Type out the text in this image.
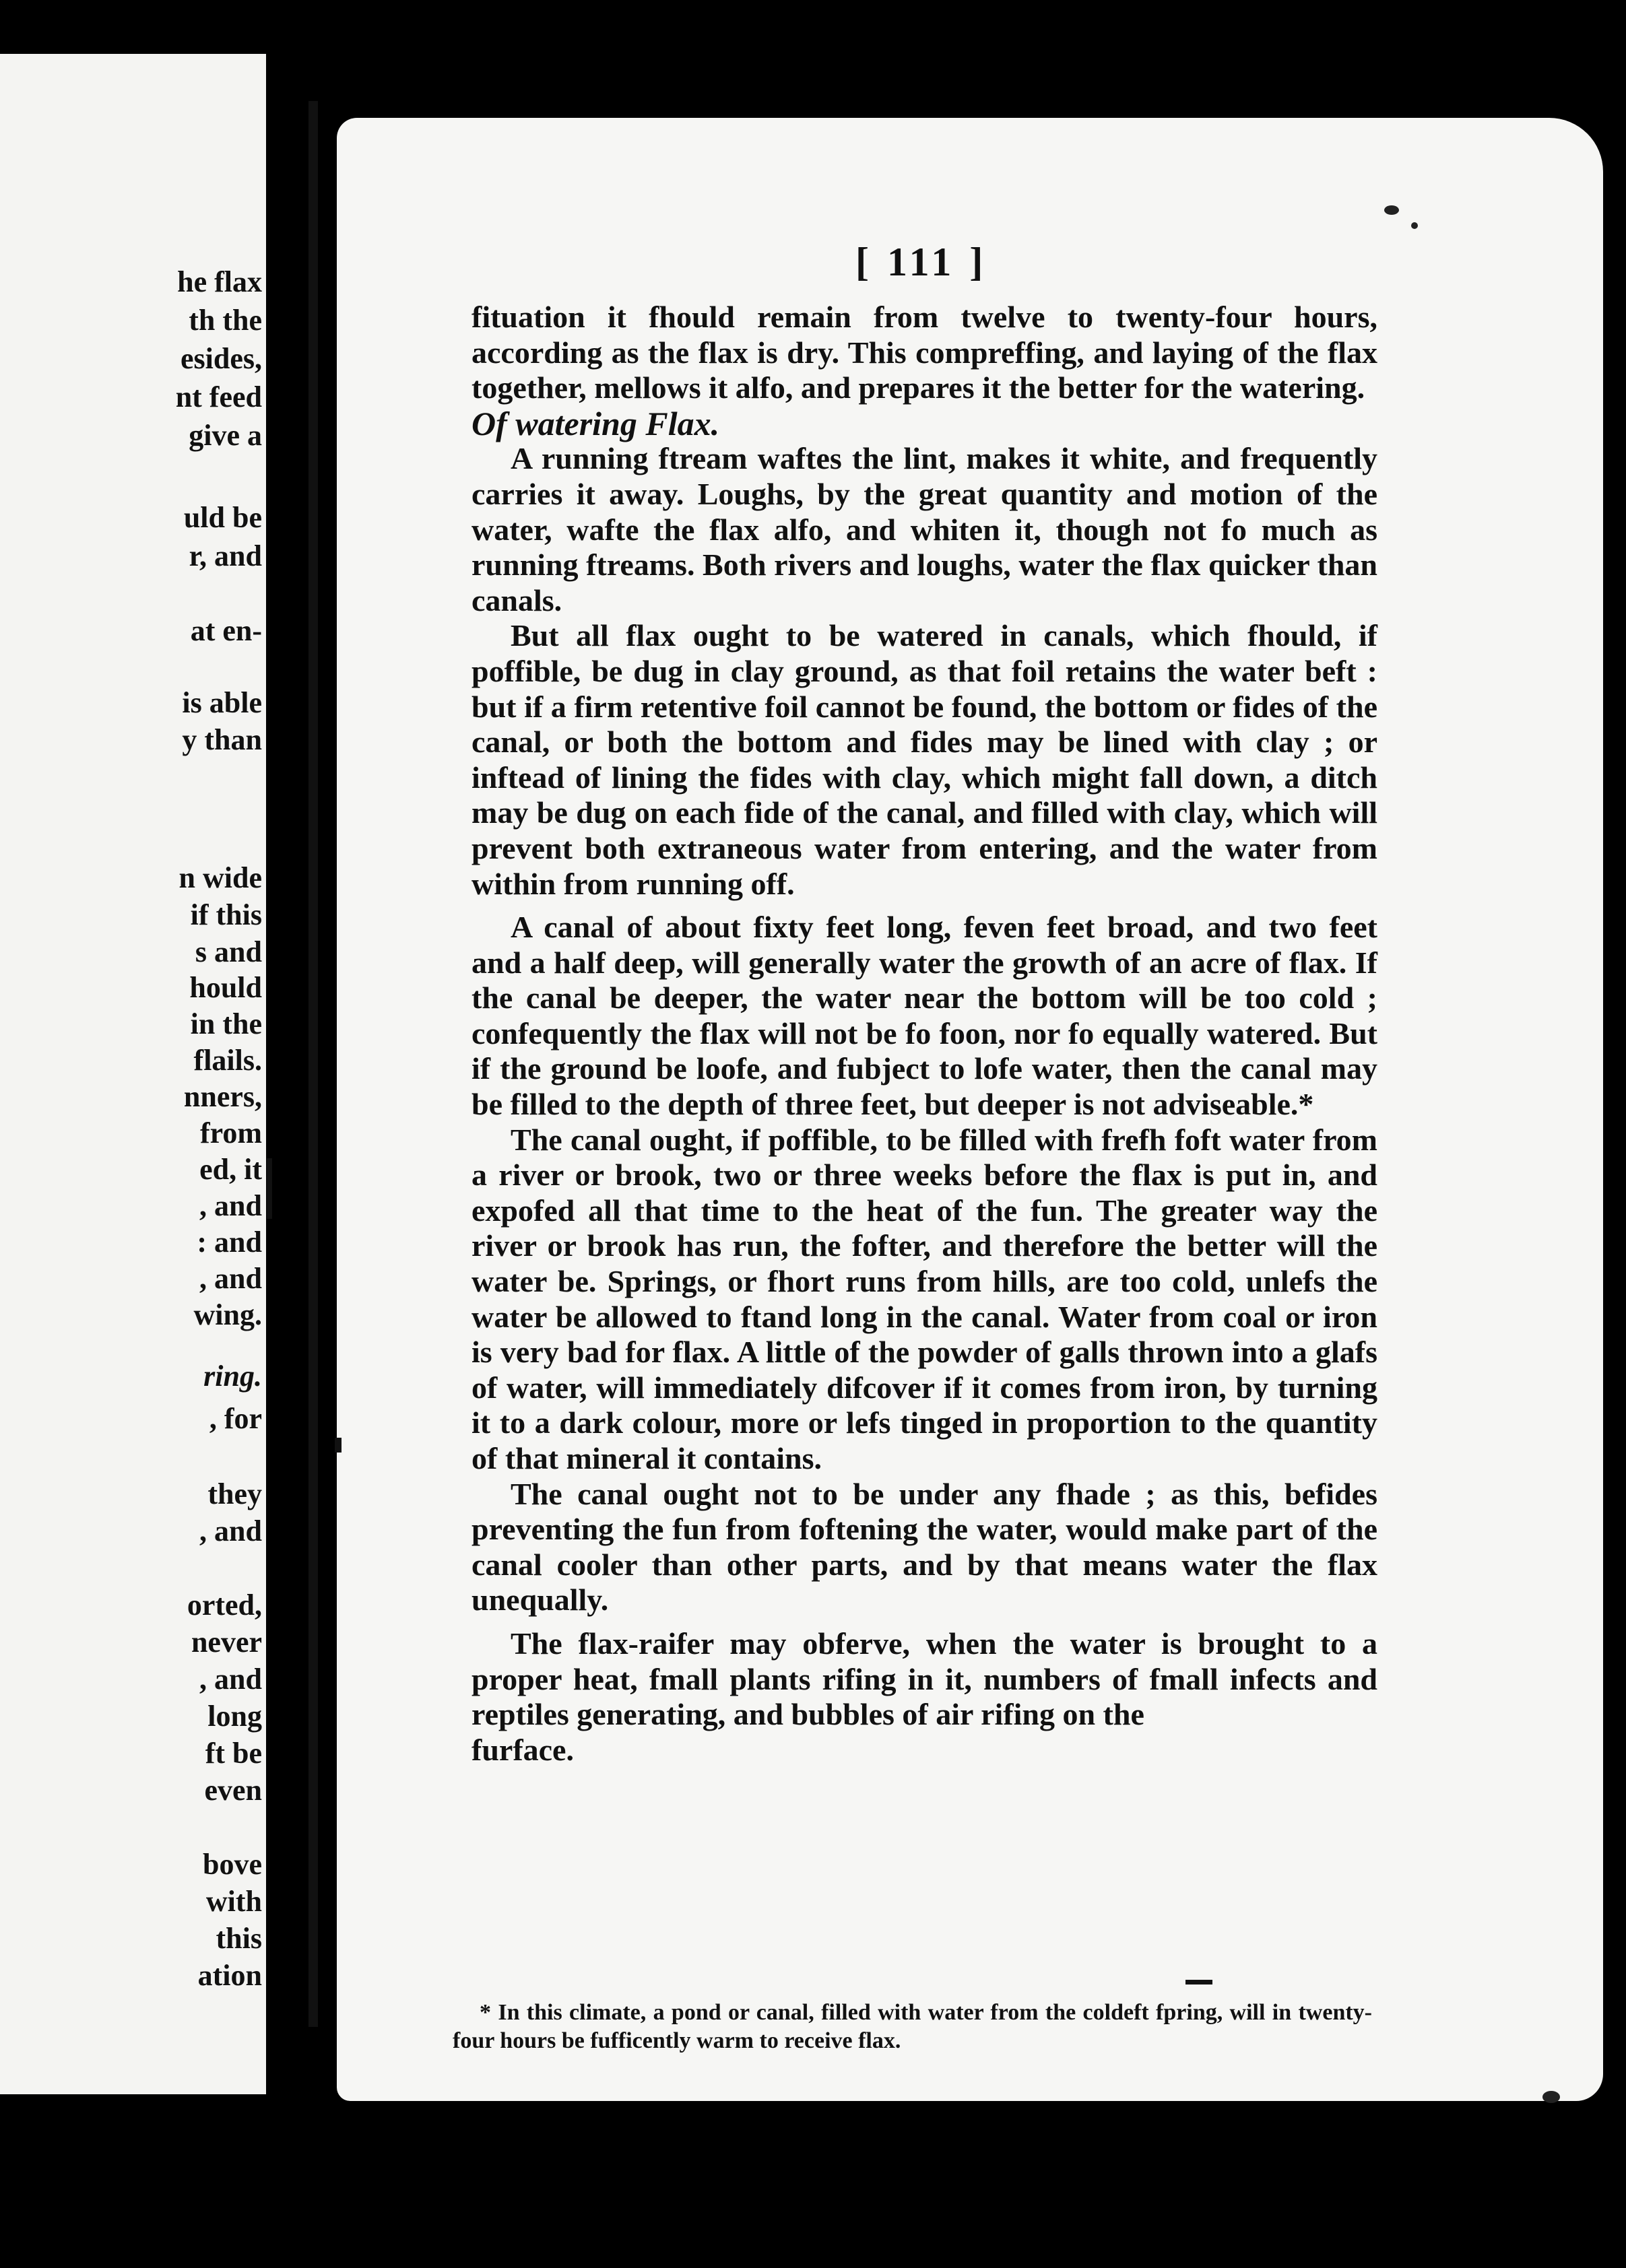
he flax

th the

esides,

nt feed

give a

uld be

r, and

at en-

is able

y than

n wide

if this

s and

hould

in the

flails.

nners,

from

ed, it

, and

: and

, and

wing.

ring.

, for

they

, and

orted,

never

, and

long

ft be

even

bove

with

this

ation

[ 111 ]

fituation it fhould remain from twelve to twenty-four hours, according as the flax is dry. This compreffing, and laying of the flax together, mellows it alfo, and prepares it the better for the watering.

Of watering Flax.

A running ftream waftes the lint, makes it white, and frequently carries it away. Loughs, by the great quantity and motion of the water, wafte the flax alfo, and whiten it, though not fo much as running ftreams. Both rivers and loughs, water the flax quicker than canals.

But all flax ought to be watered in canals, which fhould, if poffible, be dug in clay ground, as that foil retains the water beft : but if a firm retentive foil cannot be found, the bottom or fides of the canal, or both the bottom and fides may be lined with clay ; or inftead of lining the fides with clay, which might fall down, a ditch may be dug on each fide of the canal, and filled with clay, which will prevent both extraneous water from entering, and the water from within from running off.

A canal of about fixty feet long, feven feet broad, and two feet and a half deep, will generally water the growth of an acre of flax. If the canal be deeper, the water near the bottom will be too cold ; confequently the flax will not be fo foon, nor fo equally watered. But if the ground be loofe, and fubject to lofe water, then the canal may be filled to the depth of three feet, but deeper is not adviseable.*

The canal ought, if poffible, to be filled with frefh foft water from a river or brook, two or three weeks before the flax is put in, and expofed all that time to the heat of the fun. The greater way the river or brook has run, the fofter, and therefore the better will the water be. Springs, or fhort runs from hills, are too cold, unlefs the water be allowed to ftand long in the canal. Water from coal or iron is very bad for flax. A little of the powder of galls thrown into a glafs of water, will immediately difcover if it comes from iron, by turning it to a dark colour, more or lefs tinged in proportion to the quantity of that mineral it contains.

The canal ought not to be under any fhade ; as this, befides preventing the fun from foftening the water, would make part of the canal cooler than other parts, and by that means water the flax unequally.

The flax-raifer may obferve, when the water is brought to a proper heat, fmall plants rifing in it, numbers of fmall infects and reptiles generating, and bubbles of air rifing on the

furface.

* In this climate, a pond or canal, filled with water from the coldeft fpring, will in twenty-four hours be fufficently warm to receive flax.
